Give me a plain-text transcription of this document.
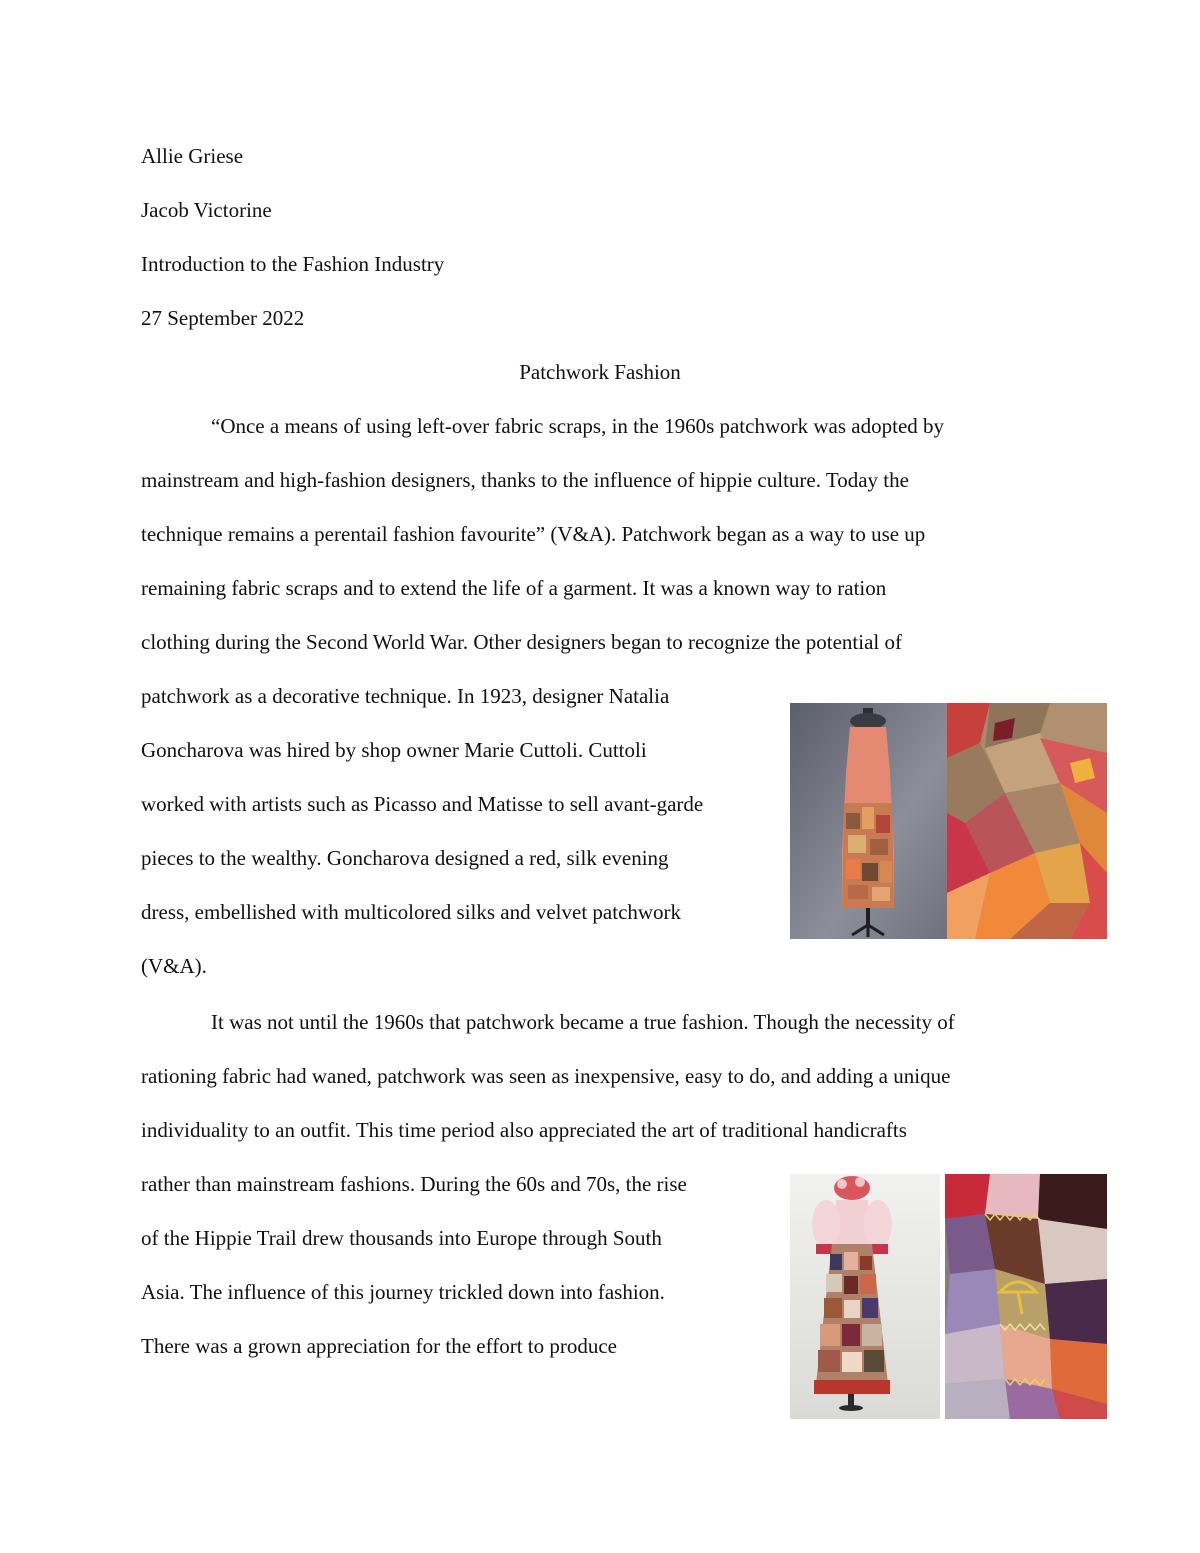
Allie Griese

Jacob Victorine

Introduction to the Fashion Industry

27 September 2022

Patchwork Fashion

“Once a means of using left-over fabric scraps, in the 1960s patchwork was adopted by

mainstream and high-fashion designers, thanks to the influence of hippie culture. Today the

technique remains a perentail fashion favourite” (V&A). Patchwork began as a way to use up

remaining fabric scraps and to extend the life of a garment. It was a known way to ration

clothing during the Second World War. Other designers began to recognize the potential of

patchwork as a decorative technique. In 1923, designer Natalia

Goncharova was hired by shop owner Marie Cuttoli. Cuttoli

worked with artists such as Picasso and Matisse to sell avant-garde

pieces to the wealthy. Goncharova designed a red, silk evening

dress, embellished with multicolored silks and velvet patchwork

(V&A).

It was not until the 1960s that patchwork became a true fashion. Though the necessity of

rationing fabric had waned, patchwork was seen as inexpensive, easy to do, and adding a unique

individuality to an outfit. This time period also appreciated the art of traditional handicrafts

rather than mainstream fashions. During the 60s and 70s, the rise

of the Hippie Trail drew thousands into Europe through South

Asia. The influence of this journey trickled down into fashion.

There was a grown appreciation for the effort to produce
